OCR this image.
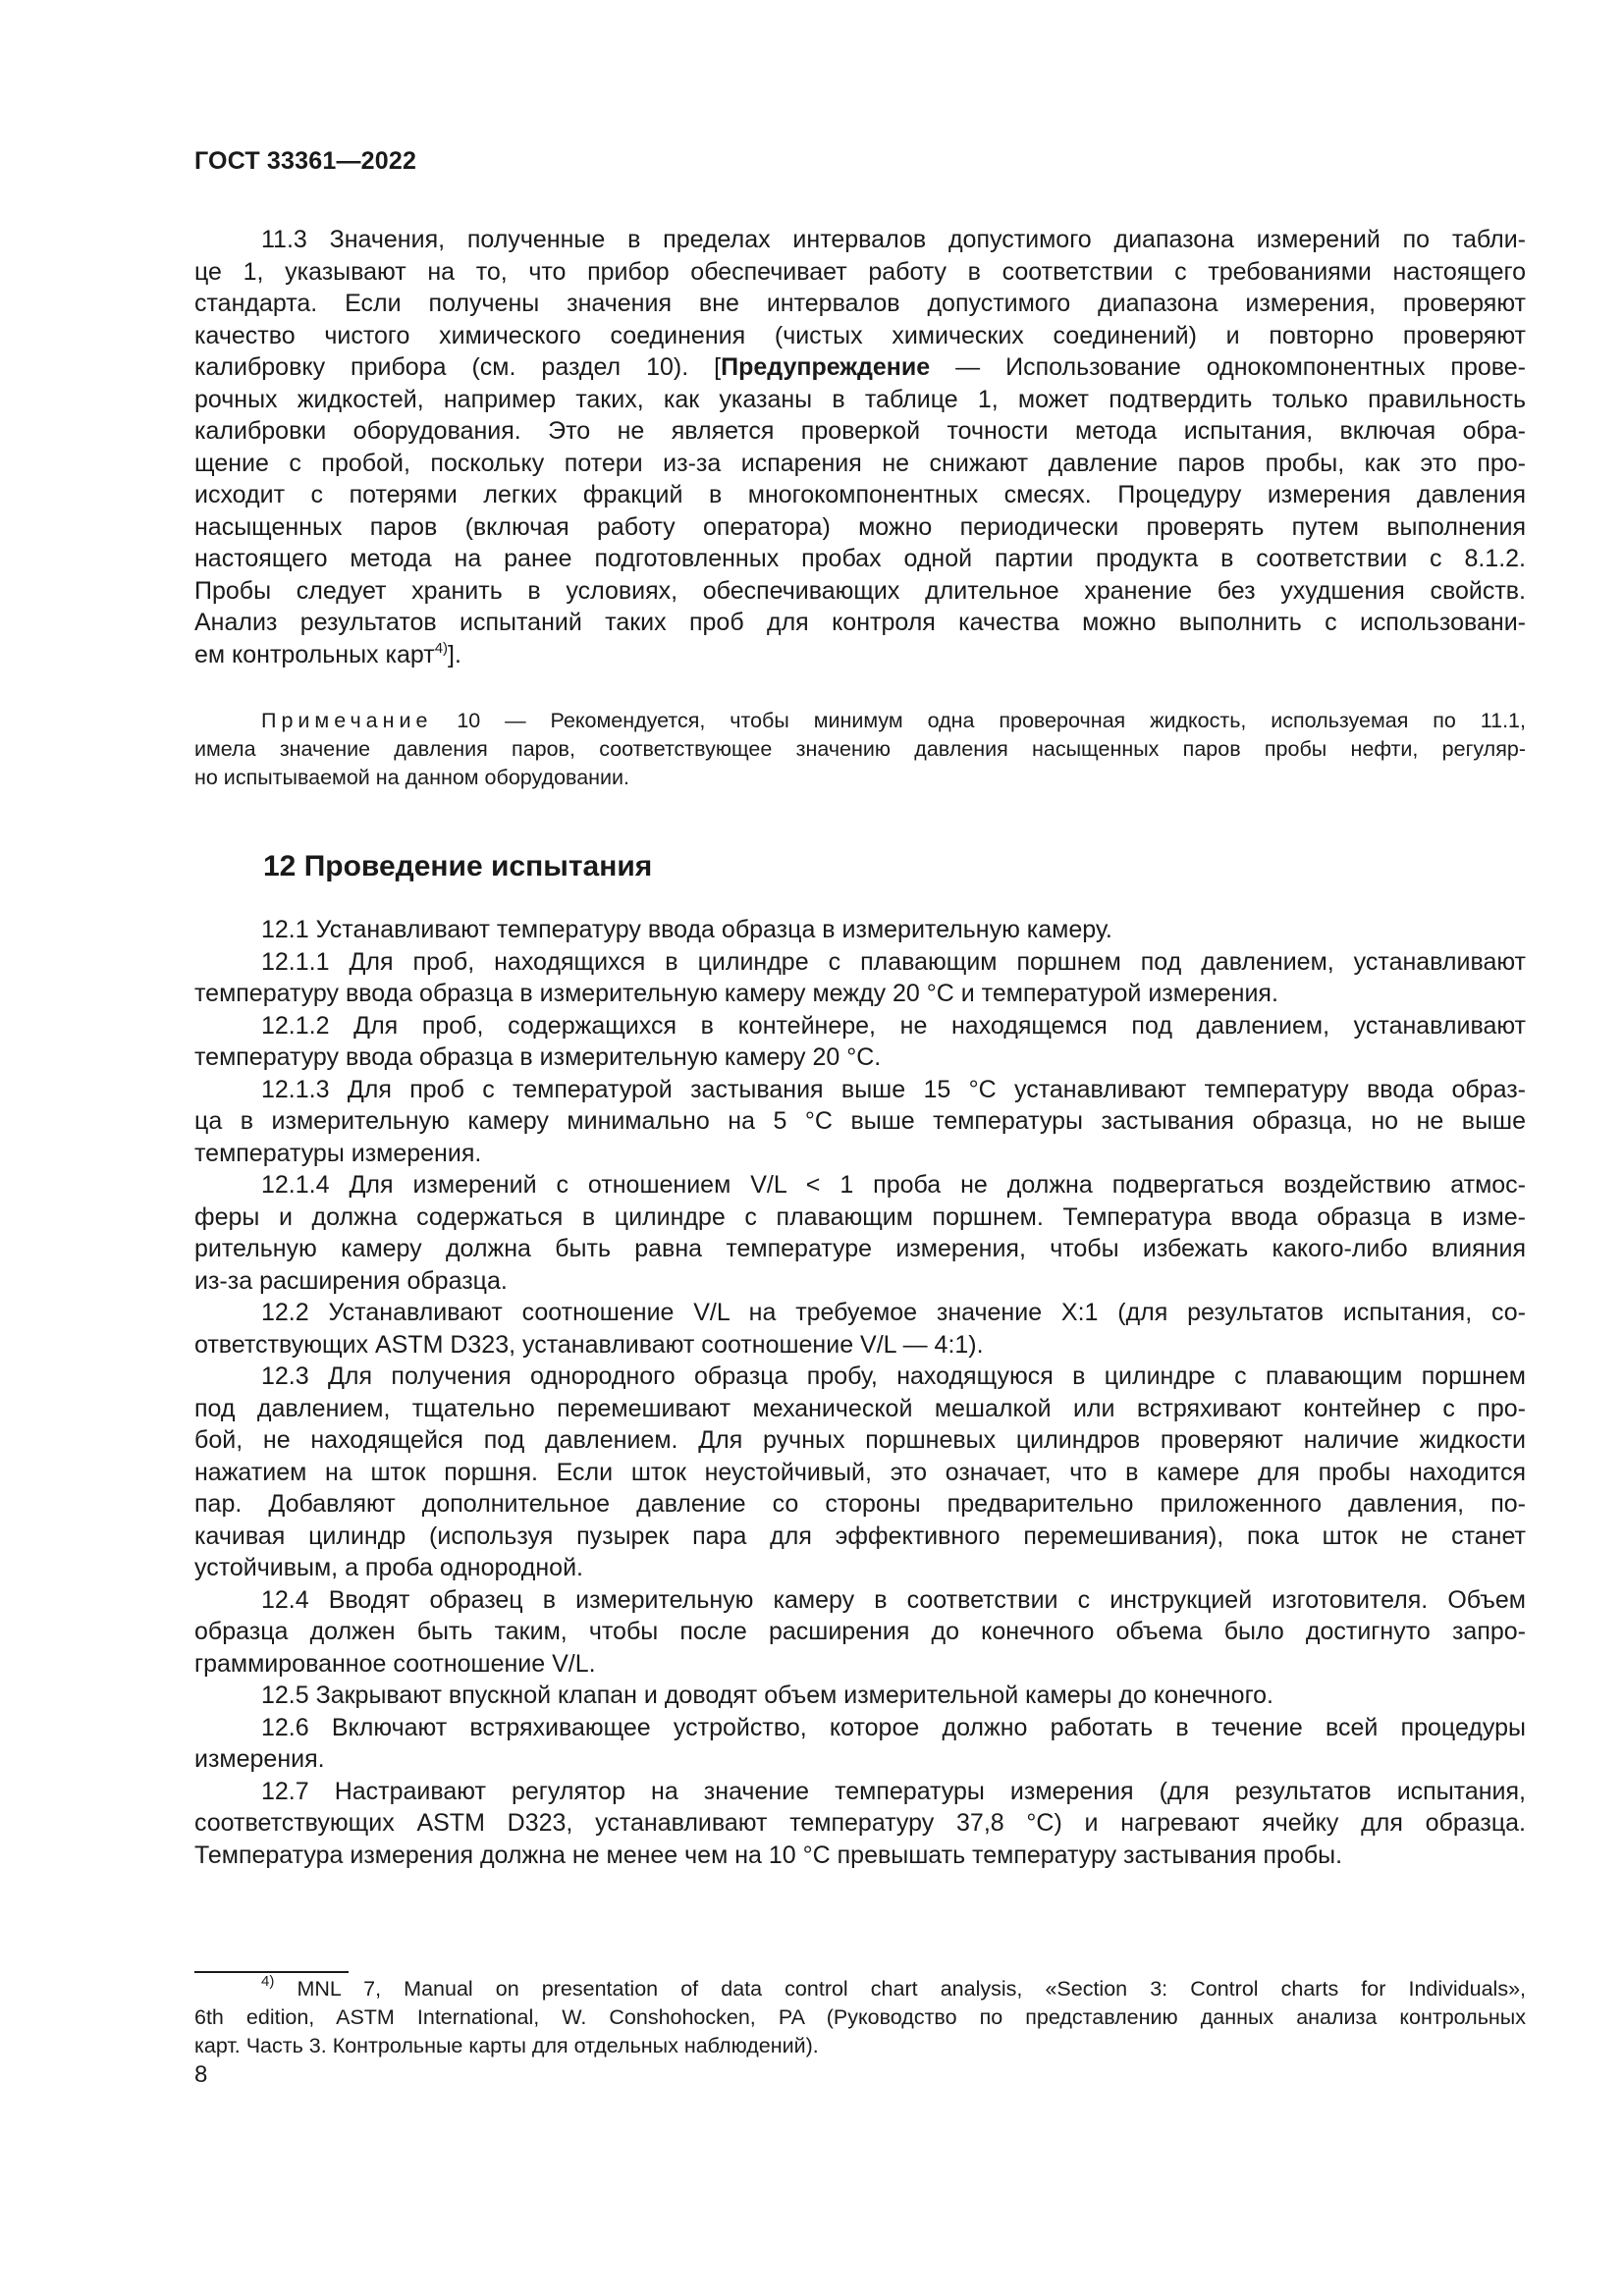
ГОСТ 33361—2022
11.3 Значения, полученные в пределах интервалов допустимого диапазона измерений по табли-
це 1, указывают на то, что прибор обеспечивает работу в соответствии с требованиями настоящего
стандарта. Если получены значения вне интервалов допустимого диапазона измерения, проверяют
качество чистого химического соединения (чистых химических соединений) и повторно проверяют
калибровку прибора (см. раздел 10). [Предупреждение — Использование однокомпонентных прове-
рочных жидкостей, например таких, как указаны в таблице 1, может подтвердить только правильность
калибровки оборудования. Это не является проверкой точности метода испытания, включая обра-
щение с пробой, поскольку потери из-за испарения не снижают давление паров пробы, как это про-
исходит с потерями легких фракций в многокомпонентных смесях. Процедуру измерения давления
насыщенных паров (включая работу оператора) можно периодически проверять путем выполнения
настоящего метода на ранее подготовленных пробах одной партии продукта в соответствии с 8.1.2.
Пробы следует хранить в условиях, обеспечивающих длительное хранение без ухудшения свойств.
Анализ результатов испытаний таких проб для контроля качества можно выполнить с использовани-
ем контрольных карт$^{4)}$].
Примечание 10 — Рекомендуется, чтобы минимум одна проверочная жидкость, используемая по 11.1,
имела значение давления паров, соответствующее значению давления насыщенных паров пробы нефти, регуляр-
но испытываемой на данном оборудовании.
12 Проведение испытания
12.1 Устанавливают температуру ввода образца в измерительную камеру.
12.1.1 Для проб, находящихся в цилиндре с плавающим поршнем под давлением, устанавливают
температуру ввода образца в измерительную камеру между 20 °С и температурой измерения.
12.1.2 Для проб, содержащихся в контейнере, не находящемся под давлением, устанавливают
температуру ввода образца в измерительную камеру 20 °С.
12.1.3 Для проб с температурой застывания выше 15 °С устанавливают температуру ввода образ-
ца в измерительную камеру минимально на 5 °С выше температуры застывания образца, но не выше
температуры измерения.
12.1.4 Для измерений с отношением V/L < 1 проба не должна подвергаться воздействию атмос-
феры и должна содержаться в цилиндре с плавающим поршнем. Температура ввода образца в изме-
рительную камеру должна быть равна температуре измерения, чтобы избежать какого-либо влияния
из-за расширения образца.
12.2 Устанавливают соотношение V/L на требуемое значение X:1 (для результатов испытания, со-
ответствующих ASTM D323, устанавливают соотношение V/L — 4:1).
12.3 Для получения однородного образца пробу, находящуюся в цилиндре с плавающим поршнем
под давлением, тщательно перемешивают механической мешалкой или встряхивают контейнер с про-
бой, не находящейся под давлением. Для ручных поршневых цилиндров проверяют наличие жидкости
нажатием на шток поршня. Если шток неустойчивый, это означает, что в камере для пробы находится
пар. Добавляют дополнительное давление со стороны предварительно приложенного давления, по-
качивая цилиндр (используя пузырек пара для эффективного перемешивания), пока шток не станет
устойчивым, а проба однородной.
12.4 Вводят образец в измерительную камеру в соответствии с инструкцией изготовителя. Объем
образца должен быть таким, чтобы после расширения до конечного объема было достигнуто запро-
граммированное соотношение V/L.
12.5 Закрывают впускной клапан и доводят объем измерительной камеры до конечного.
12.6 Включают встряхивающее устройство, которое должно работать в течение всей процедуры
измерения.
12.7 Настраивают регулятор на значение температуры измерения (для результатов испытания,
соответствующих ASTM D323, устанавливают температуру 37,8 °С) и нагревают ячейку для образца.
Температура измерения должна не менее чем на 10 °С превышать температуру застывания пробы.
$^{4)}$ MNL 7, Manual on presentation of data control chart analysis, «Section 3: Control charts for Individuals»,
6th edition, ASTM International, W. Conshohocken, PA (Руководство по представлению данных анализа контрольных
карт. Часть 3. Контрольные карты для отдельных наблюдений).
8
